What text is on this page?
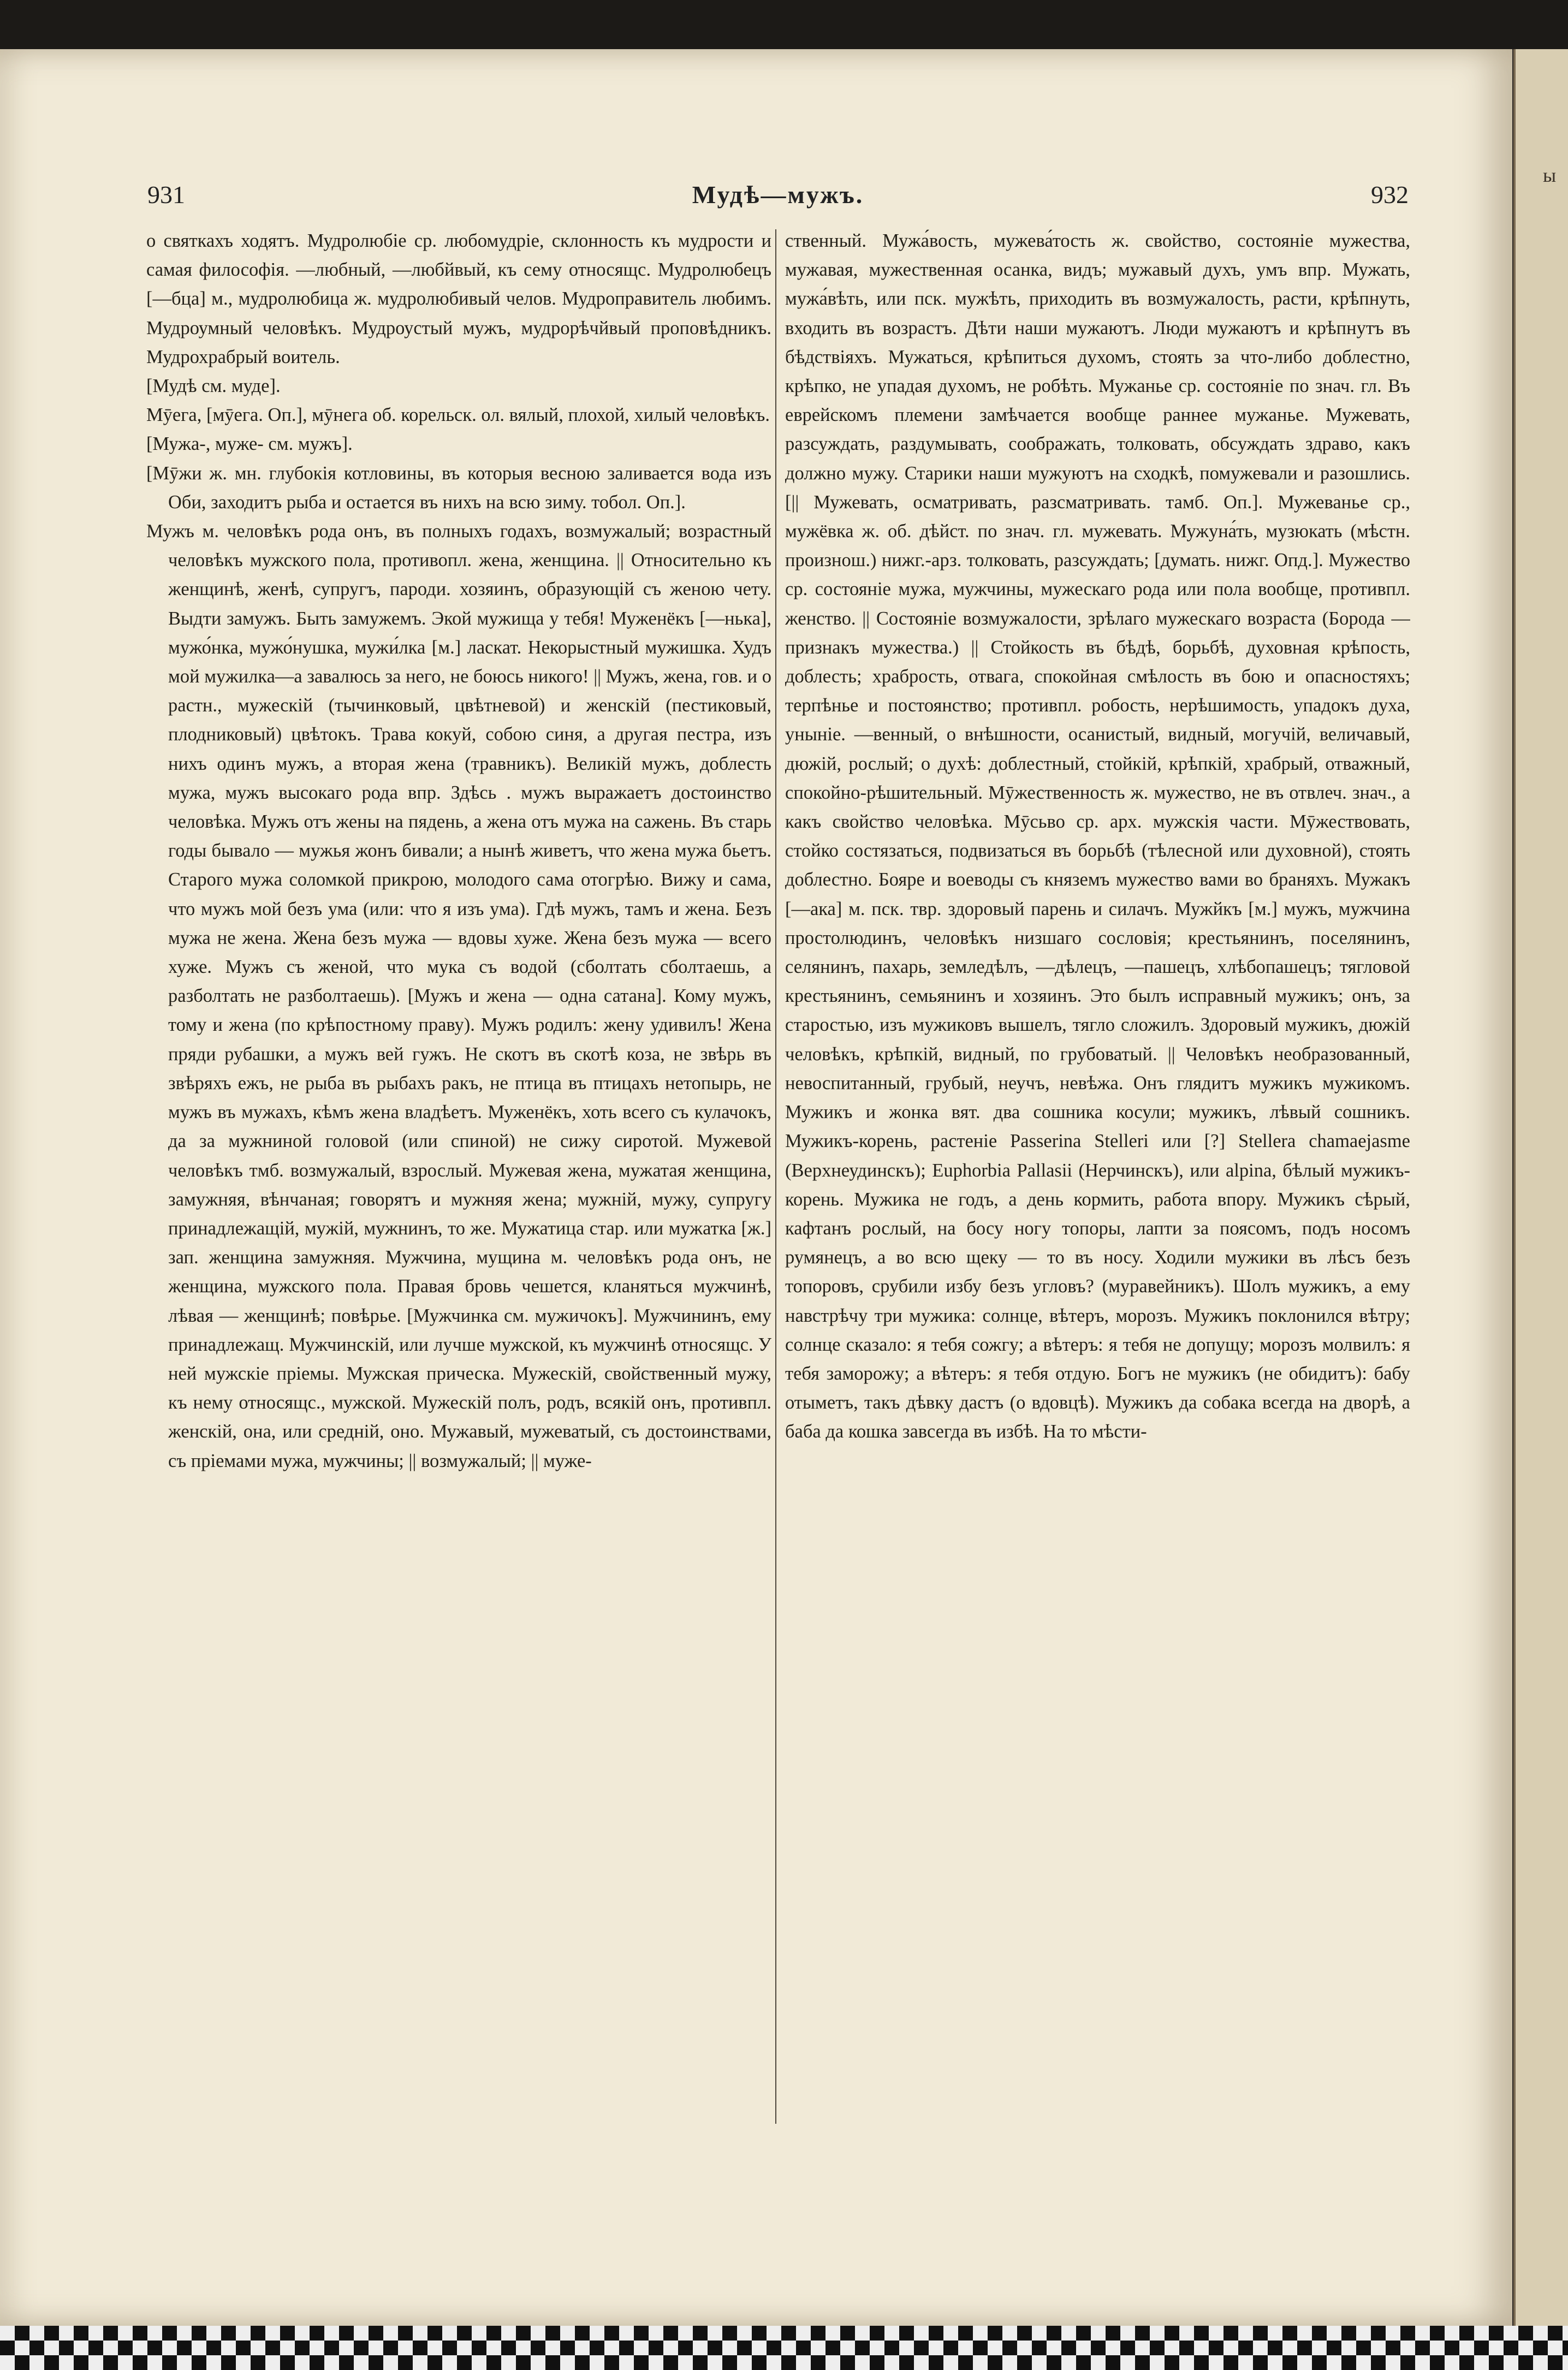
ы
931	Мудѣ—мужъ.	932

о святкахъ ходятъ. Мудролюбіе ср. любомудріе, склонность къ мудрости и самая философія. —любный, —любйвый, къ сему относящс. Мудролюбецъ [—бца] м., мудролюбица ж. мудролюбивый челов. Мудроправитель любимъ. Мудроумный человѣкъ. Мудроустый мужъ, мудрорѣчйвый проповѣдникъ. Мудрохрабрый воитель.

[Мудѣ см. муде].

Мӯега, [мӯега. Оп.], мӯнега об. корельск. ол. вялый, плохой, хилый человѣкъ.

[Мужа-, муже- см. мужъ].

[Мӯжи ж. мн. глубокія котловины, въ которыя весною заливается вода изъ Оби, заходитъ рыба и остается въ нихъ на всю зиму. тобол. Оп.].

Мужъ м. человѣкъ рода онъ, въ полныхъ годахъ, возмужалый; возрастный человѣкъ мужского пола, противопл. жена, женщина. || Относительно къ женщинѣ, женѣ, супругъ, пароди. хозяинъ, образующій съ женою чету. Выдти замужъ. Быть замужемъ. Экой мужища у тебя! Муженёкъ [—нька], мужо́нка, мужо́нушка, мужи́лка [м.] ласкат. Некорыстный мужишка. Худъ мой мужилка—а завалюсь за него, не боюсь никого! || Мужъ, жена, гов. и о растн., мужескій (тычинковый, цвѣтневой) и женскій (пестиковый, плодниковый) цвѣтокъ. Трава кокуй, собою синя, а другая пестра, изъ нихъ одинъ мужъ, а вторая жена (травникъ). Великій мужъ, доблесть мужа, мужъ высокаго рода впр. Здѣсь . мужъ выражаетъ достоинство человѣка. Мужъ отъ жены на пядень, а жена отъ мужа на сажень. Въ старь годы бывало — мужья жонъ бивали; а нынѣ живетъ, что жена мужа бьетъ. Старого мужа соломкой прикрою, молодого сама отогрѣю. Вижу и сама, что мужъ мой безъ ума (или: что я изъ ума). Гдѣ мужъ, тамъ и жена. Безъ мужа не жена. Жена безъ мужа — вдовы хуже. Жена безъ мужа — всего хуже. Мужъ съ женой, что мука съ водой (сболтать сболтаешь, а разболтать не разболтаешь). [Мужъ и жена — одна сатана]. Кому мужъ, тому и жена (по крѣпостному праву). Мужъ родилъ: жену удивилъ! Жена пряди рубашки, а мужъ вей гужъ. Не скотъ въ скотѣ коза, не звѣрь въ звѣряхъ ежъ, не рыба въ рыбахъ ракъ, не птица въ птицахъ нетопырь, не мужъ въ мужахъ, кѣмъ жена владѣетъ. Муженёкъ, хоть всего съ кулачокъ, да за мужниной головой (или спиной) не сижу сиротой. Мужевой человѣкъ тмб. возмужалый, взрослый. Мужевая жена, мужатая женщина, замужняя, вѣнчаная; говорятъ и мужняя жена; мужній, мужу, супругу принадлежащій, мужій, мужнинъ, то же. Мужатица стар. или мужатка [ж.] зап. женщина замужняя. Мужчина, мущина м. человѣкъ рода онъ, не женщина, мужского пола. Правая бровь чешется, кланяться мужчинѣ, лѣвая — женщинѣ; повѣрье. [Мужчинка см. мужичокъ]. Мужчининъ, ему принадлежащ. Мужчинскій, или лучше мужской, къ мужчинѣ относящс. У ней мужскіе пріемы. Мужская прическа. Мужескій, свойственный мужу, къ нему относящс., мужской. Мужескій полъ, родъ, всякій онъ, противпл. женскій, она, или средній, оно. Мужавый, мужеватый, съ достоинствами, съ пріемами мужа, мужчины; || возмужалый; || муже-

ственный. Мужа́вость, мужева́тость ж. свойство, состояніе мужества, мужавая, мужественная осанка, видъ; мужавый духъ, умъ впр. Мужать, мужа́вѣть, или пск. мужѣть, приходить въ возмужалость, расти, крѣпнуть, входить въ возрастъ. Дѣти наши мужаютъ. Люди мужаютъ и крѣпнутъ въ бѣдствіяхъ. Мужаться, крѣпиться духомъ, стоять за что-либо доблестно, крѣпко, не упадая духомъ, не робѣть. Мужанье ср. состояніе по знач. гл. Въ еврейскомъ племени замѣчается вообще раннее мужанье. Мужевать, разсуждать, раздумывать, соображать, толковать, обсуждать здраво, какъ должно мужу. Старики наши мужуютъ на сходкѣ, помужевали и разошлись. [|| Мужевать, осматривать, разсматривать. тамб. Оп.]. Мужеванье ср., мужёвка ж. об. дѣйст. по знач. гл. мужевать. Мужуна́ть, музюкать (мѣстн. произнош.) нижг.-арз. толковать, разсуждать; [думать. нижг. Опд.]. Мужество ср. состояніе мужа, мужчины, мужескаго рода или пола вообще, противпл. женство. || Состояніе возмужалости, зрѣлаго мужескаго возраста (Борода — признакъ мужества.) || Стойкость въ бѣдѣ, борьбѣ, духовная крѣпость, доблесть; храбрость, отвага, спокойная смѣлость въ бою и опасностяхъ; терпѣнье и постоянство; противпл. робость, нерѣшимость, упадокъ духа, уныніе. —венный, о внѣшности, осанистый, видный, могучій, величавый, дюжій, рослый; о духѣ: доблестный, стойкій, крѣпкій, храбрый, отважный, спокойно-рѣшительный. Мӯжественность ж. мужество, не въ отвлеч. знач., а какъ свойство человѣка. Мӯсьво ср. арх. мужскія части. Мӯжествовать, стойко состязаться, подвизаться въ борьбѣ (тѣлесной или духовной), стоять доблестно. Бояре и воеводы съ княземъ мужество вами во браняхъ. Мужакъ [—ака] м. пск. твр. здоровый парень и силачъ. Мужйкъ [м.] мужъ, мужчина простолюдинъ, человѣкъ низшаго сословія; крестьянинъ, поселянинъ, селянинъ, пахарь, земледѣлъ, —дѣлецъ, —пашецъ, хлѣбопашецъ; тягловой крестьянинъ, семьянинъ и хозяинъ. Это былъ исправный мужикъ; онъ, за старостью, изъ мужиковъ вышелъ, тягло сложилъ. Здоровый мужикъ, дюжій человѣкъ, крѣпкій, видный, по грубоватый. || Человѣкъ необразованный, невоспитанный, грубый, неучъ, невѣжа. Онъ глядитъ мужикъ мужикомъ. Мужикъ и жонка вят. два сошника косули; мужикъ, лѣвый сошникъ. Мужикъ-корень, растеніе Passerina Stelleri или [?] Stellera chamaejasme (Верхнеудинскъ); Euphorbia Pallasii (Нерчинскъ), или alpina, бѣлый мужикъ-корень. Мужика не годъ, а день кормить, работа впору. Мужикъ сѣрый, кафтанъ рослый, на босу ногу топоры, лапти за поясомъ, подъ носомъ румянецъ, а во всю щеку — то въ носу. Ходили мужики въ лѣсъ безъ топоровъ, срубили избу безъ угловъ? (муравейникъ). Шолъ мужикъ, а ему навстрѣчу три мужика: солнце, вѣтеръ, морозъ. Мужикъ поклонился вѣтру; солнце сказало: я тебя сожгу; а вѣтеръ: я тебя не допущу; морозъ молвилъ: я тебя заморожу; а вѣтеръ: я тебя отдую. Богъ не мужикъ (не обидитъ): бабу отыметъ, такъ дѣвку дастъ (о вдовцѣ). Мужикъ да собака всегда на дворѣ, а баба да кошка завсегда въ избѣ. На то мѣсти-
